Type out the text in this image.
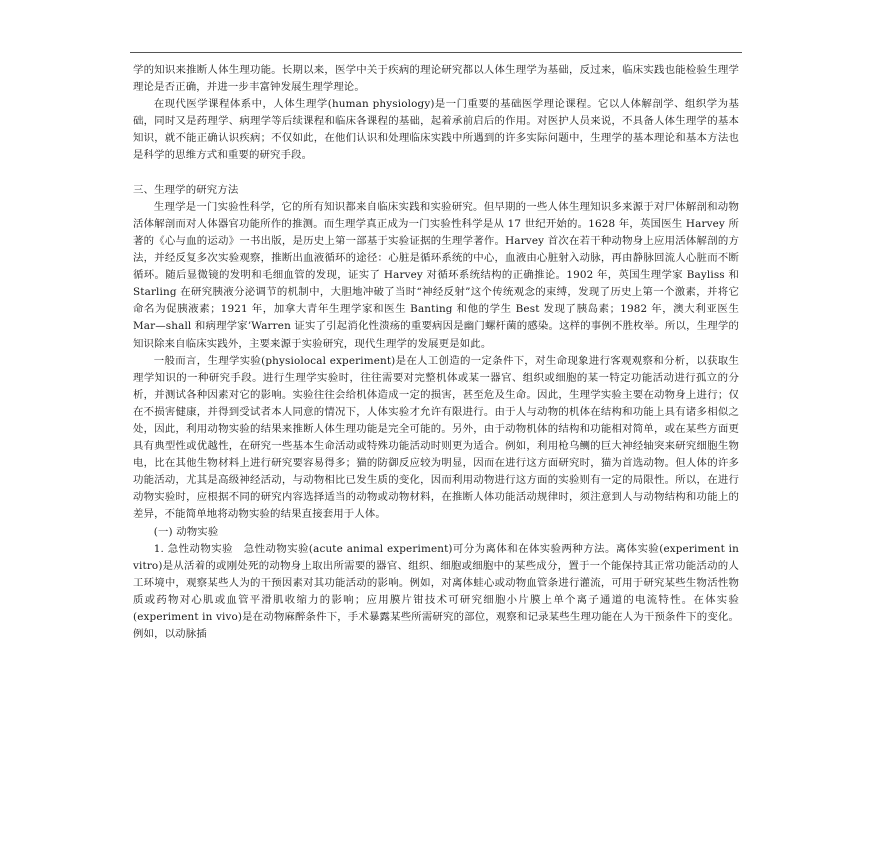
学的知识来推断人体生理功能。长期以来，医学中关于疾病的理论研究都以人体生理学为基础，反过来，临床实践也能检验生理学理论是否正确，并进一步丰富钟发展生理学理论。

在现代医学课程体系中，人体生理学(human physiology)是一门重要的基础医学理论课程。它以人体解剖学、组织学为基础，同时又是药理学、病理学等后续课程和临床各课程的基础，起着承前启后的作用。对医护人员来说，不具备人体生理学的基本知识，就不能正确认识疾病；不仅如此，在他们认识和处理临床实践中所遇到的许多实际问题中，生理学的基本理论和基本方法也是科学的思维方式和重要的研究手段。

三、生理学的研究方法

生理学是一门实验性科学，它的所有知识都来自临床实践和实验研究。但早期的一些人体生理知识多来源于对尸体解剖和动物活体解剖而对人体器官功能所作的推测。而生理学真正成为一门实验性科学是从 17 世纪开始的。1628 年，英国医生 Harvey 所著的《心与血的运动》一书出版，是历史上第一部基于实验证据的生理学著作。Harvey 首次在若干种动物身上应用活体解剖的方法，并经反复多次实验观察，推断出血液循环的途径：心脏是循环系统的中心，血液由心脏射入动脉，再由静脉回流人心脏而不断循环。随后显微镜的发明和毛细血管的发现，证实了 Harvey 对循环系统结构的正确推论。1902 年，英国生理学家 Bayliss 和 Starling 在研究胰液分泌调节的机制中，大胆地冲破了当时“神经反射”这个传统观念的束缚，发现了历史上第一个激素，并将它命名为促胰液素；1921 年，加拿大青年生理学家和医生 Banting 和他的学生 Best 发现了胰岛素；1982 年，澳大利亚医生 Mar—shall 和病理学家’Warren 证实了引起消化性溃疡的重要病因是幽门螺杆菌的感染。这样的事例不胜枚举。所以，生理学的知识除来自临床实践外，主要来源于实验研究，现代生理学的发展更是如此。

一般而言，生理学实验(physiolocal experiment)是在人工创造的一定条件下，对生命现象进行客观观察和分析，以获取生理学知识的一种研究手段。进行生理学实验时，往往需要对完整机体或某一器官、组织或细胞的某一特定功能活动进行孤立的分析，并测试各种因素对它的影响。实验往往会给机体造成一定的损害，甚至危及生命。因此，生理学实验主要在动物身上进行；仅在不损害健康，并得到受试者本人同意的情况下，人体实验才允许有限进行。由于人与动物的机体在结构和功能上具有诸多相似之处，因此，利用动物实验的结果来推断人体生理功能是完全可能的。另外，由于动物机体的结构和功能相对简单，或在某些方面更具有典型性或优越性，在研究一些基本生命活动或特殊功能活动时则更为适合。例如，利用枪乌鲗的巨大神经轴突来研究细胞生物电，比在其他生物材料上进行研究要容易得多；猫的防御反应较为明显，因而在进行这方面研究时，猫为首选动物。但人体的许多功能活动，尤其是高级神经活动，与动物相比已发生质的变化，因而利用动物进行这方面的实验则有一定的局限性。所以，在进行动物实验时，应根据不同的研究内容选择适当的动物或动物材料，在推断人体功能活动规律时，须注意到人与动物结构和功能上的差异，不能简单地将动物实验的结果直接套用于人体。

(一) 动物实验

1. 急性动物实验　急性动物实验(acute animal experiment)可分为离体和在体实验两种方法。离体实验(experiment in vitro)是从活着的或刚处死的动物身上取出所需要的器官、组织、细胞或细胞中的某些成分，置于一个能保持其正常功能活动的人工环境中，观察某些人为的干预因素对其功能活动的影响。例如，对离体蛙心或动物血管条进行灌流，可用于研究某些生物活性物质或药物对心肌或血管平滑肌收缩力的影响；应用膜片钳技术可研究细胞小片膜上单个离子通道的电流特性。在体实验(experiment in vivo)是在动物麻醉条件下，手术暴露某些所需研究的部位，观察和记录某些生理功能在人为干预条件下的变化。例如，以动脉插
